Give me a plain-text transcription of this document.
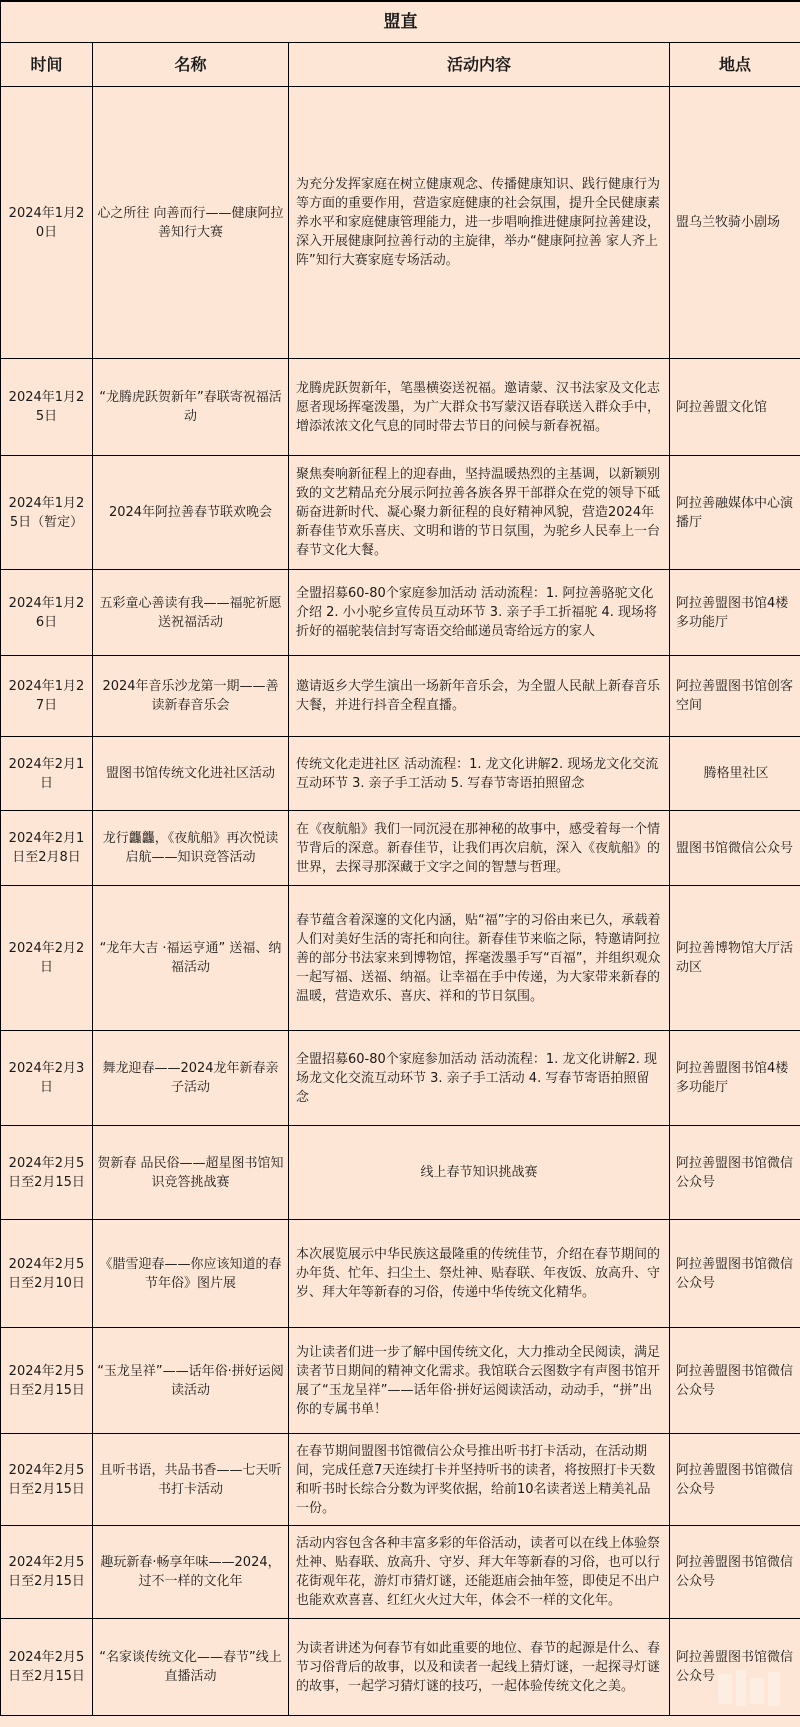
盟直			
时间	名称	活动内容	地点
2024年1月20日	心之所往 向善而行——健康阿拉善知行大赛	为充分发挥家庭在树立健康观念、传播健康知识、践行健康行为等方面的重要作用，营造家庭健康的社会氛围，提升全民健康素养水平和家庭健康管理能力，进一步唱响推进健康阿拉善建设，深入开展健康阿拉善行动的主旋律，举办“健康阿拉善 家人齐上阵”知行大赛家庭专场活动。	盟乌兰牧骑小剧场
2024年1月25日	“龙腾虎跃贺新年”春联寄祝福活动	龙腾虎跃贺新年，笔墨横姿送祝福。邀请蒙、汉书法家及文化志愿者现场挥毫泼墨，为广大群众书写蒙汉语春联送入群众手中，增添浓浓文化气息的同时带去节日的问候与新春祝福。	阿拉善盟文化馆
2024年1月25日（暂定）	2024年阿拉善春节联欢晚会	聚焦奏响新征程上的迎春曲，坚持温暖热烈的主基调，以新颖别致的文艺精品充分展示阿拉善各族各界干部群众在党的领导下砥砺奋进新时代、凝心聚力新征程的良好精神风貌，营造2024年新春佳节欢乐喜庆、文明和谐的节日氛围，为驼乡人民奉上一台春节文化大餐。	阿拉善融媒体中心演播厅
2024年1月26日	五彩童心善读有我——福驼祈愿送祝福活动	全盟招募60-80个家庭参加活动 活动流程：1. 阿拉善骆驼文化介绍 2. 小小驼乡宣传员互动环节 3. 亲子手工折福驼 4. 现场将折好的福驼装信封写寄语交给邮递员寄给远方的家人	阿拉善盟图书馆4楼多功能厅
2024年1月27日	2024年音乐沙龙第一期——善读新春音乐会	邀请返乡大学生演出一场新年音乐会，为全盟人民献上新春音乐大餐，并进行抖音全程直播。	阿拉善盟图书馆创客空间
2024年2月1日	盟图书馆传统文化进社区活动	传统文化走进社区 活动流程：1. 龙文化讲解2. 现场龙文化交流互动环节 3. 亲子手工活动 5. 写春节寄语拍照留念	腾格里社区
2024年2月1日至2月8日	龙行龘龘，《夜航船》再次悦读启航——知识竞答活动	在《夜航船》我们一同沉浸在那神秘的故事中，感受着每一个情节背后的深意。新春佳节，让我们再次启航，深入《夜航船》的世界，去探寻那深藏于文字之间的智慧与哲理。	盟图书馆微信公众号
2024年2月2日	“龙年大吉 ·福运亨通” 送福、纳福活动	春节蕴含着深邃的文化内涵，贴“福”字的习俗由来已久，承载着人们对美好生活的寄托和向往。新春佳节来临之际，特邀请阿拉善的部分书法家来到博物馆，挥毫泼墨手写“百福”，并组织观众一起写福、送福、纳福。让幸福在手中传递，为大家带来新春的温暖，营造欢乐、喜庆、祥和的节日氛围。	阿拉善博物馆大厅活动区
2024年2月3日	舞龙迎春——2024龙年新春亲子活动	全盟招募60-80个家庭参加活动 活动流程：1. 龙文化讲解2. 现场龙文化交流互动环节 3. 亲子手工活动 4. 写春节寄语拍照留念	阿拉善盟图书馆4楼多功能厅
2024年2月5日至2月15日	贺新春 品民俗——超星图书馆知识竞答挑战赛	线上春节知识挑战赛	阿拉善盟图书馆微信公众号
2024年2月5日至2月10日	《腊雪迎春——你应该知道的春节年俗》图片展	本次展览展示中华民族这最隆重的传统佳节，介绍在春节期间的办年货、忙年、扫尘土、祭灶神、贴春联、年夜饭、放高升、守岁、拜大年等新春的习俗，传递中华传统文化精华。	阿拉善盟图书馆微信公众号
2024年2月5日至2月15日	“玉龙呈祥”——话年俗·拼好运阅读活动	为让读者们进一步了解中国传统文化，大力推动全民阅读，满足读者节日期间的精神文化需求。我馆联合云图数字有声图书馆开展了“玉龙呈祥”——话年俗·拼好运阅读活动，动动手，“拼”出你的专属书单！	阿拉善盟图书馆微信公众号
2024年2月5日至2月15日	且听书语，共品书香——七天听书打卡活动	在春节期间盟图书馆微信公众号推出听书打卡活动，在活动期间，完成任意7天连续打卡并坚持听书的读者，将按照打卡天数和听书时长综合分数为评奖依据，给前10名读者送上精美礼品一份。	阿拉善盟图书馆微信公众号
2024年2月5日至2月15日	趣玩新春·畅享年味——2024，过不一样的文化年	活动内容包含各种丰富多彩的年俗活动，读者可以在线上体验祭灶神、贴春联、放高升、守岁、拜大年等新春的习俗，也可以行花街观年花，游灯市猜灯谜，还能逛庙会抽年签，即使足不出户也能欢欢喜喜、红红火火过大年，体会不一样的文化年。	阿拉善盟图书馆微信公众号
2024年2月5日至2月15日	“名家谈传统文化——春节”线上直播活动	为读者讲述为何春节有如此重要的地位、春节的起源是什么、春节习俗背后的故事，以及和读者一起线上猜灯谜，一起探寻灯谜的故事，一起学习猜灯谜的技巧，一起体验传统文化之美。	阿拉善盟图书馆微信公众号
